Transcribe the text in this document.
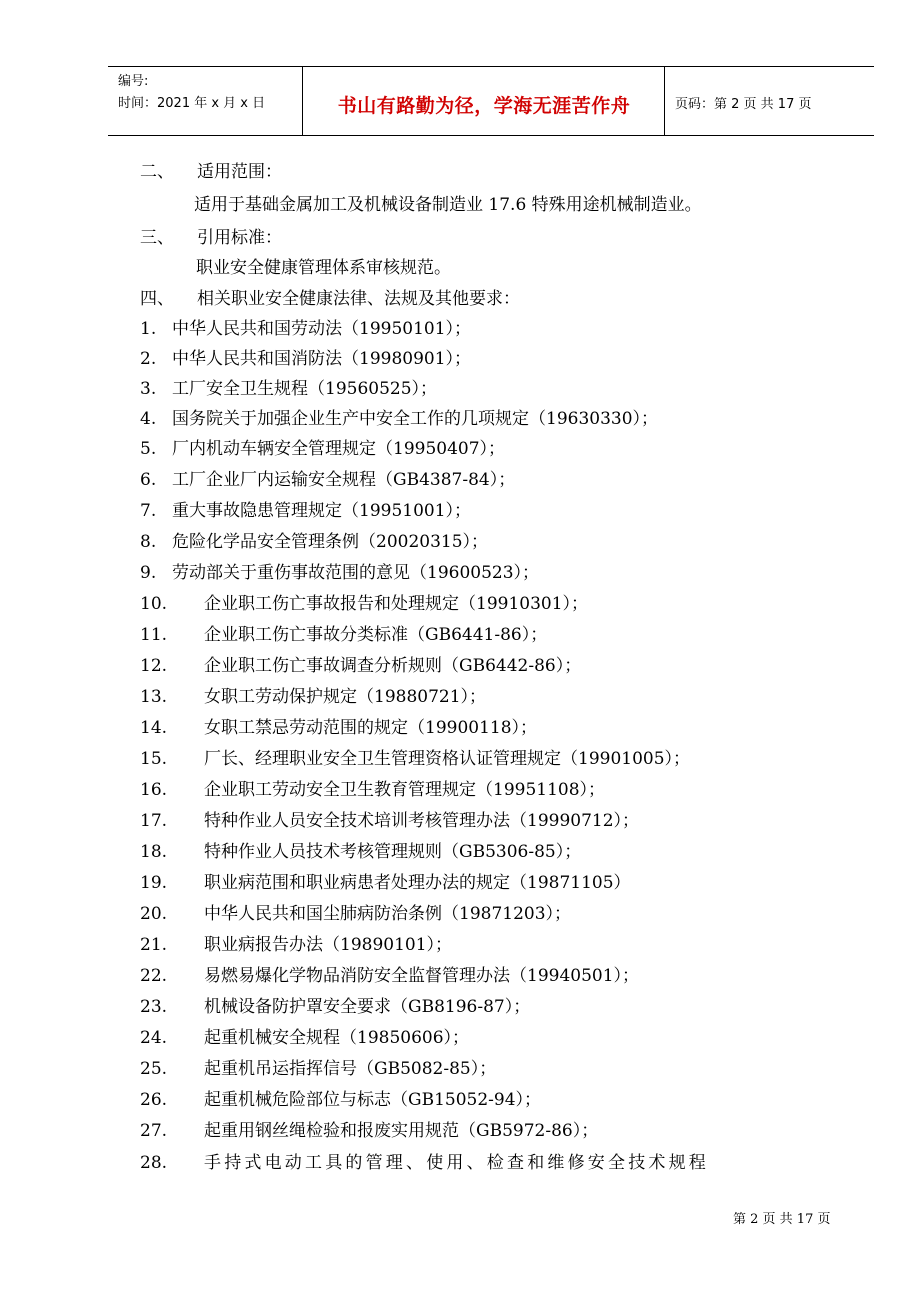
编号:
时间：2021 年 x 月 x 日	书山有路勤为径，学海无涯苦作舟	页码：第 2 页 共 17 页
二、 适用范围：
适用于基础金属加工及机械设备制造业 17.6 特殊用途机械制造业。
三、 引用标准：
职业安全健康管理体系审核规范。
四、 相关职业安全健康法律、法规及其他要求：
1. 中华人民共和国劳动法（19950101）；
2. 中华人民共和国消防法（19980901）；
3. 工厂安全卫生规程（19560525）；
4. 国务院关于加强企业生产中安全工作的几项规定（19630330）；
5. 厂内机动车辆安全管理规定（19950407）；
6. 工厂企业厂内运输安全规程（GB4387-84）；
7. 重大事故隐患管理规定（19951001）；
8. 危险化学品安全管理条例（20020315）；
9. 劳动部关于重伤事故范围的意见（19600523）；
10. 企业职工伤亡事故报告和处理规定（19910301）；
11. 企业职工伤亡事故分类标准（GB6441-86）；
12. 企业职工伤亡事故调查分析规则（GB6442-86）；
13. 女职工劳动保护规定（19880721）；
14. 女职工禁忌劳动范围的规定（19900118）；
15. 厂长、经理职业安全卫生管理资格认证管理规定（19901005）；
16. 企业职工劳动安全卫生教育管理规定（19951108）；
17. 特种作业人员安全技术培训考核管理办法（19990712）；
18. 特种作业人员技术考核管理规则（GB5306-85）；
19. 职业病范围和职业病患者处理办法的规定（19871105）
20. 中华人民共和国尘肺病防治条例（19871203）；
21. 职业病报告办法（19890101）；
22. 易燃易爆化学物品消防安全监督管理办法（19940501）；
23. 机械设备防护罩安全要求（GB8196-87）；
24. 起重机械安全规程（19850606）；
25. 起重机吊运指挥信号（GB5082-85）；
26. 起重机械危险部位与标志（GB15052-94）；
27. 起重用钢丝绳检验和报废实用规范（GB5972-86）；
28. 手持式电动工具的管理、使用、检查和维修安全技术规程
第 2 页 共 17 页
